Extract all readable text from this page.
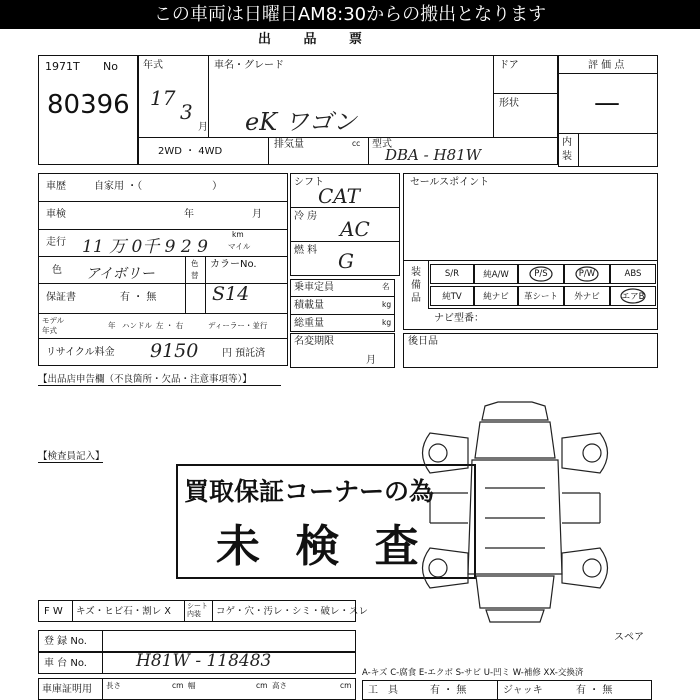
この車両は日曜日AM8:30からの搬出となります
出 品 票
1971T No
80396
年式
17
3
月
車名・グレード
eK ワゴン
ドア
形状
2WD ・ 4WD
排気量	cc 型式
DBA - H81W
評 価 点
—
内
装
車歴	自家用 ・（　　　　　　　）
車検	年	月
走行 11 万 0千 9 2 9
km
マイル
色 アイボリー
色
替
カラーNo.
S14
保証書	有 ・ 無
モデル
年式
年 ハンドル 左 ・ 右	ディーラー・並行
リサイクル料金 9150 円 預託済
シフト
CAT
冷 房
AC
燃 料 G
乗車定員	名
積載量	kg
総重量	kg
名変期限
月
セールスポイント
装 備 品
S/R	純A/W	P/S	P/W	ABS
純TV	純ナビ	革シート	外ナビ	エアB
ナビ型番：
後日品
【出品店申告欄（不良箇所・欠品・注意事項等）】
【検査員記入】
買取保証コーナーの為
未 検 査
スペア
F W キズ・ヒビ石・割レ X シート内装	コゲ・穴・汚レ・シミ・破レ・スレ
登 録 No.
車 台 No.	H81W - 118483
車庫証明用 長さ	cm 幅	cm 高さ	cm
A-キズ C-腐食 E-エクボ S-サビ U-凹ミ W-補修 XX-交換済
工　具	有 ・ 無	ジャッキ	有 ・ 無
